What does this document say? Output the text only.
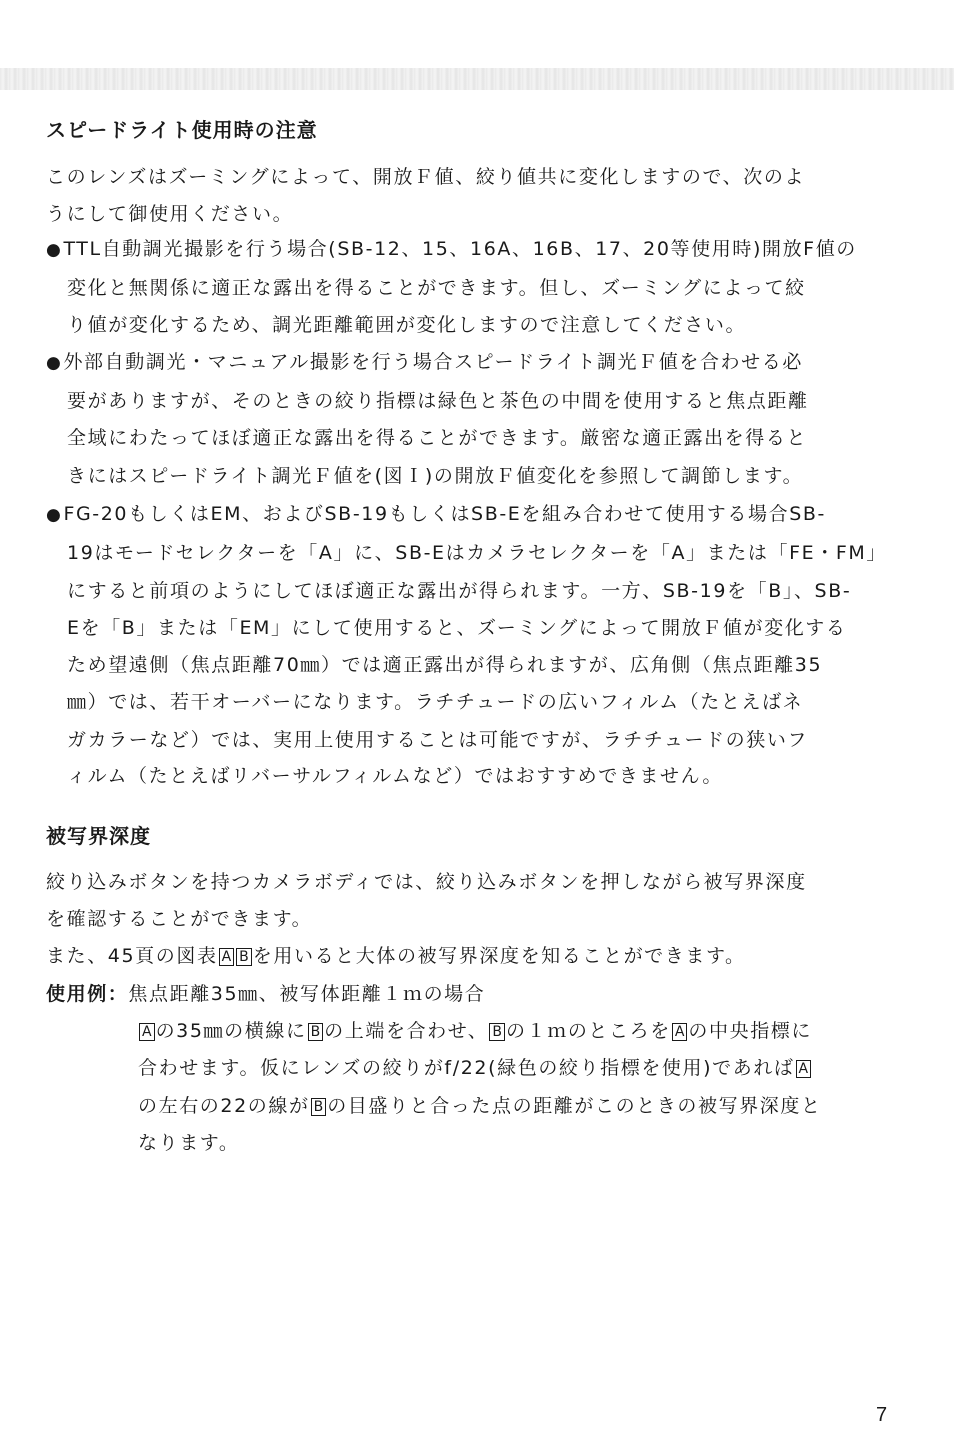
スピードライト使用時の注意
このレンズはズーミングによって、開放Ｆ値、絞り値共に変化しますので、次のよ
うにして御使用ください。
●TTL自動調光撮影を行う場合(SB-12、15、16A、16B、17、20等使用時)開放F値の
変化と無関係に適正な露出を得ることができます。但し、ズーミングによって絞
り値が変化するため、調光距離範囲が変化しますので注意してください。
●外部自動調光・マニュアル撮影を行う場合スピードライト調光Ｆ値を合わせる必
要がありますが、そのときの絞り指標は緑色と茶色の中間を使用すると焦点距離
全域にわたってほぼ適正な露出を得ることができます。厳密な適正露出を得ると
きにはスピードライト調光Ｆ値を(図Ｉ)の開放Ｆ値変化を参照して調節します。
●FG-20もしくはEM、およびSB-19もしくはSB-Eを組み合わせて使用する場合SB-
19はモードセレクターを「A」に、SB-Eはカメラセレクターを「A」または「FE・FM」
にすると前項のようにしてほぼ適正な露出が得られます。一方、SB-19を「B」、SB-
Eを「B」または「EM」にして使用すると、ズーミングによって開放Ｆ値が変化する
ため望遠側（焦点距離70㎜）では適正露出が得られますが、広角側（焦点距離35
㎜）では、若干オーバーになります。ラチチュードの広いフィルム（たとえばネ
ガカラーなど）では、実用上使用することは可能ですが、ラチチュードの狭いフ
ィルム（たとえばリバーサルフィルムなど）ではおすすめできません。
被写界深度
絞り込みボタンを持つカメラボディでは、絞り込みボタンを押しながら被写界深度
を確認することができます。
また、45頁の図表 A B を用いると大体の被写界深度を知ることができます。
使用例：焦点距離35㎜、被写体距離１ｍの場合
A の35㎜の横線に B の上端を合わせ、 B の１ｍのところを A の中央指標に
合わせます。仮にレンズの絞りがf/22(緑色の絞り指標を使用)であれば A
の左右の22の線が B の目盛りと合った点の距離がこのときの被写界深度と
なります。
7
